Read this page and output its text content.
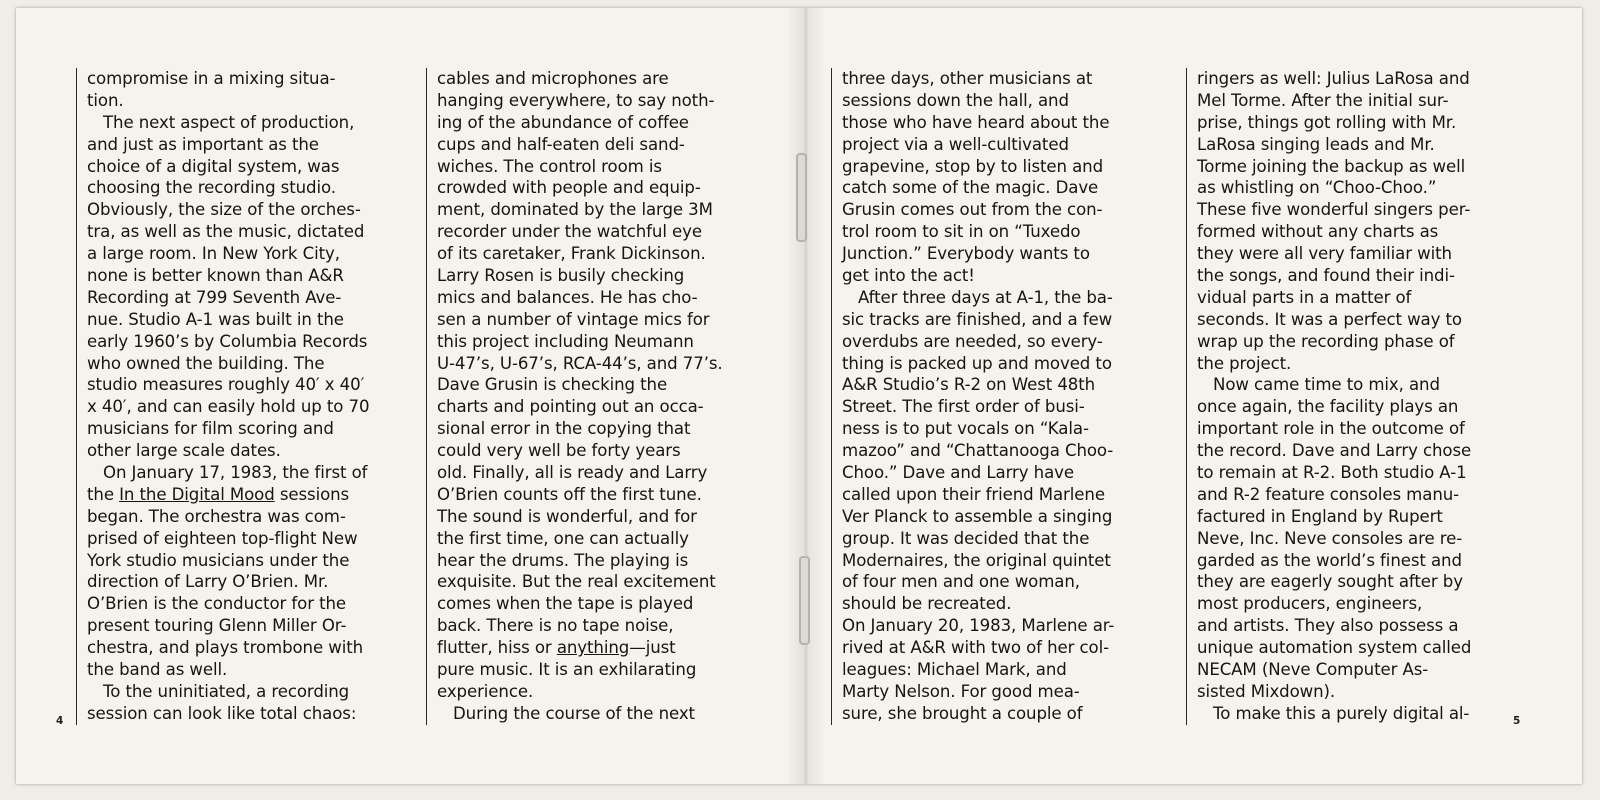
compromise in a mixing situa-
tion.
The next aspect of production,
and just as important as the
choice of a digital system, was
choosing the recording studio.
Obviously, the size of the orches-
tra, as well as the music, dictated
a large room. In New York City,
none is better known than A&R
Recording at 799 Seventh Ave-
nue. Studio A-1 was built in the
early 1960’s by Columbia Records
who owned the building. The
studio measures roughly 40′ x 40′
x 40′, and can easily hold up to 70
musicians for film scoring and
other large scale dates.
On January 17, 1983, the first of
the In the Digital Mood sessions
began. The orchestra was com-
prised of eighteen top-flight New
York studio musicians under the
direction of Larry O’Brien. Mr.
O’Brien is the conductor for the
present touring Glenn Miller Or-
chestra, and plays trombone with
the band as well.
To the uninitiated, a recording
session can look like total chaos:
cables and microphones are
hanging everywhere, to say noth-
ing of the abundance of coffee
cups and half-eaten deli sand-
wiches. The control room is
crowded with people and equip-
ment, dominated by the large 3M
recorder under the watchful eye
of its caretaker, Frank Dickinson.
Larry Rosen is busily checking
mics and balances. He has cho-
sen a number of vintage mics for
this project including Neumann
U-47’s, U-67’s, RCA-44’s, and 77’s.
Dave Grusin is checking the
charts and pointing out an occa-
sional error in the copying that
could very well be forty years
old. Finally, all is ready and Larry
O’Brien counts off the first tune.
The sound is wonderful, and for
the first time, one can actually
hear the drums. The playing is
exquisite. But the real excitement
comes when the tape is played
back. There is no tape noise,
flutter, hiss or anything—just
pure music. It is an exhilarating
experience.
During the course of the next
4
three days, other musicians at
sessions down the hall, and
those who have heard about the
project via a well-cultivated
grapevine, stop by to listen and
catch some of the magic. Dave
Grusin comes out from the con-
trol room to sit in on “Tuxedo
Junction.” Everybody wants to
get into the act!
After three days at A-1, the ba-
sic tracks are finished, and a few
overdubs are needed, so every-
thing is packed up and moved to
A&R Studio’s R-2 on West 48th
Street. The first order of busi-
ness is to put vocals on “Kala-
mazoo” and “Chattanooga Choo-
Choo.” Dave and Larry have
called upon their friend Marlene
Ver Planck to assemble a singing
group. It was decided that the
Modernaires, the original quintet
of four men and one woman,
should be recreated.
On January 20, 1983, Marlene ar-
rived at A&R with two of her col-
leagues: Michael Mark, and
Marty Nelson. For good mea-
sure, she brought a couple of
ringers as well: Julius LaRosa and
Mel Torme. After the initial sur-
prise, things got rolling with Mr.
LaRosa singing leads and Mr.
Torme joining the backup as well
as whistling on “Choo-Choo.”
These five wonderful singers per-
formed without any charts as
they were all very familiar with
the songs, and found their indi-
vidual parts in a matter of
seconds. It was a perfect way to
wrap up the recording phase of
the project.
Now came time to mix, and
once again, the facility plays an
important role in the outcome of
the record. Dave and Larry chose
to remain at R-2. Both studio A-1
and R-2 feature consoles manu-
factured in England by Rupert
Neve, Inc. Neve consoles are re-
garded as the world’s finest and
they are eagerly sought after by
most producers, engineers,
and artists. They also possess a
unique automation system called
NECAM (Neve Computer As-
sisted Mixdown).
To make this a purely digital al-	5
